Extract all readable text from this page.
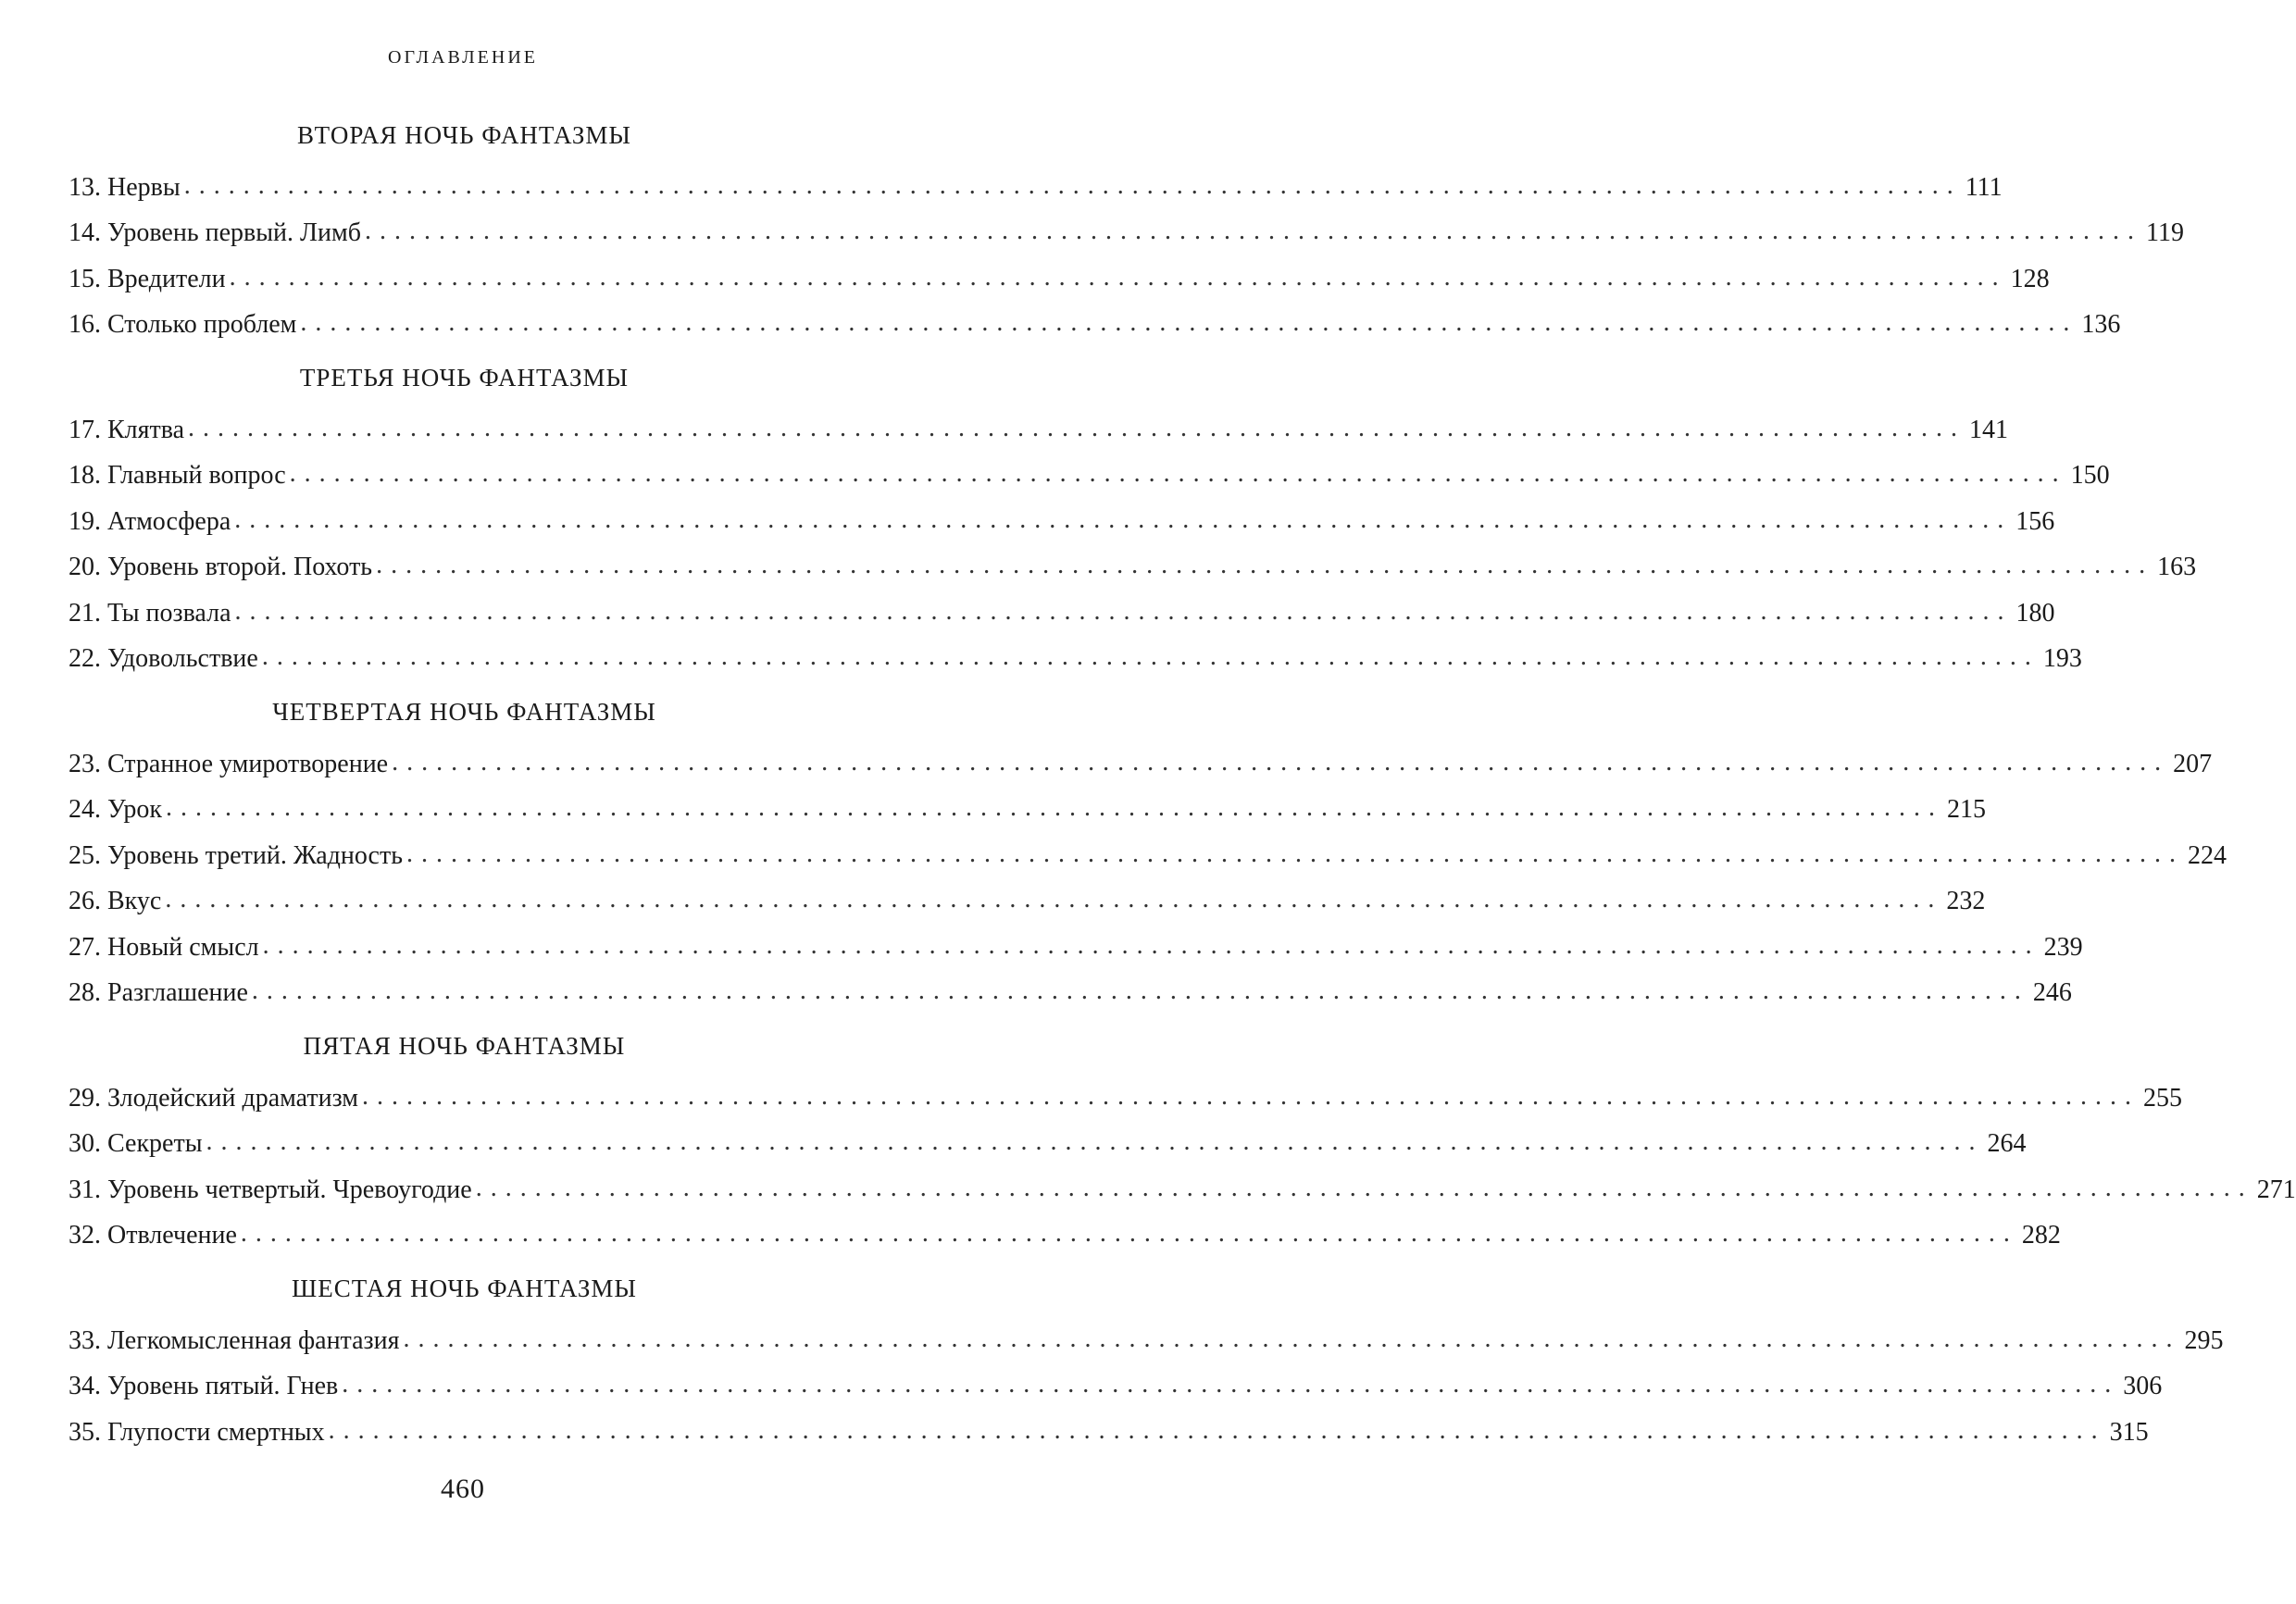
оглавление
ВТОРАЯ НОЧЬ ФАНТАЗМЫ
13. Нервы ........................................................................................................................ 111
14. Уровень первый. Лимб ........................................................................................................................ 119
15. Вредители ........................................................................................................................ 128
16. Столько проблем ........................................................................................................................ 136
ТРЕТЬЯ НОЧЬ ФАНТАЗМЫ
17. Клятва ........................................................................................................................ 141
18. Главный вопрос ........................................................................................................................ 150
19. Атмосфера ........................................................................................................................ 156
20. Уровень второй. Похоть ........................................................................................................................ 163
21. Ты позвала ........................................................................................................................ 180
22. Удовольствие ........................................................................................................................ 193
ЧЕТВЕРТАЯ НОЧЬ ФАНТАЗМЫ
23. Странное умиротворение ........................................................................................................................ 207
24. Урок ........................................................................................................................ 215
25. Уровень третий. Жадность ........................................................................................................................ 224
26. Вкус ........................................................................................................................ 232
27. Новый смысл ........................................................................................................................ 239
28. Разглашение ........................................................................................................................ 246
ПЯТАЯ НОЧЬ ФАНТАЗМЫ
29. Злодейский драматизм ........................................................................................................................ 255
30. Секреты ........................................................................................................................ 264
31. Уровень четвертый. Чревоугодие ........................................................................................................................ 271
32. Отвлечение ........................................................................................................................ 282
ШЕСТАЯ НОЧЬ ФАНТАЗМЫ
33. Легкомысленная фантазия ........................................................................................................................ 295
34. Уровень пятый. Гнев ........................................................................................................................ 306
35. Глупости смертных ........................................................................................................................ 315
460
